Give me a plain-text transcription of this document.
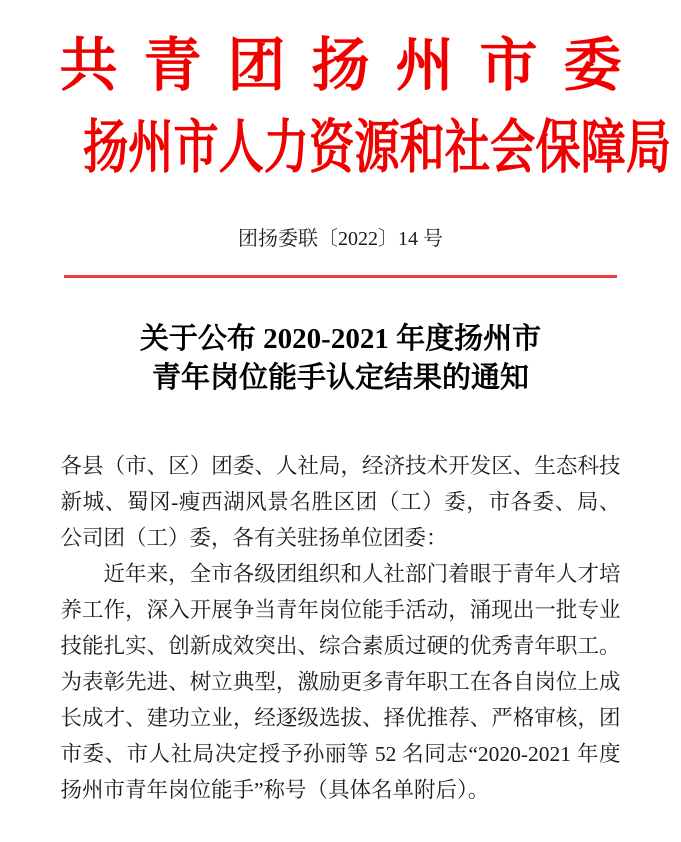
共青团扬州市委
扬州市人力资源和社会保障局
团扬委联〔2022〕14 号
关于公布 2020-2021 年度扬州市
青年岗位能手认定结果的通知

各县（市、区）团委、人社局，经济技术开发区、生态科技新城、蜀冈-瘦西湖风景名胜区团（工）委，市各委、局、公司团（工）委，各有关驻扬单位团委：

近年来，全市各级团组织和人社部门着眼于青年人才培养工作，深入开展争当青年岗位能手活动，涌现出一批专业技能扎实、创新成效突出、综合素质过硬的优秀青年职工。为表彰先进、树立典型，激励更多青年职工在各自岗位上成长成才、建功立业，经逐级选拔、择优推荐、严格审核，团市委、市人社局决定授予孙丽等 52 名同志“2020-2021 年度扬州市青年岗位能手”称号（具体名单附后）。
